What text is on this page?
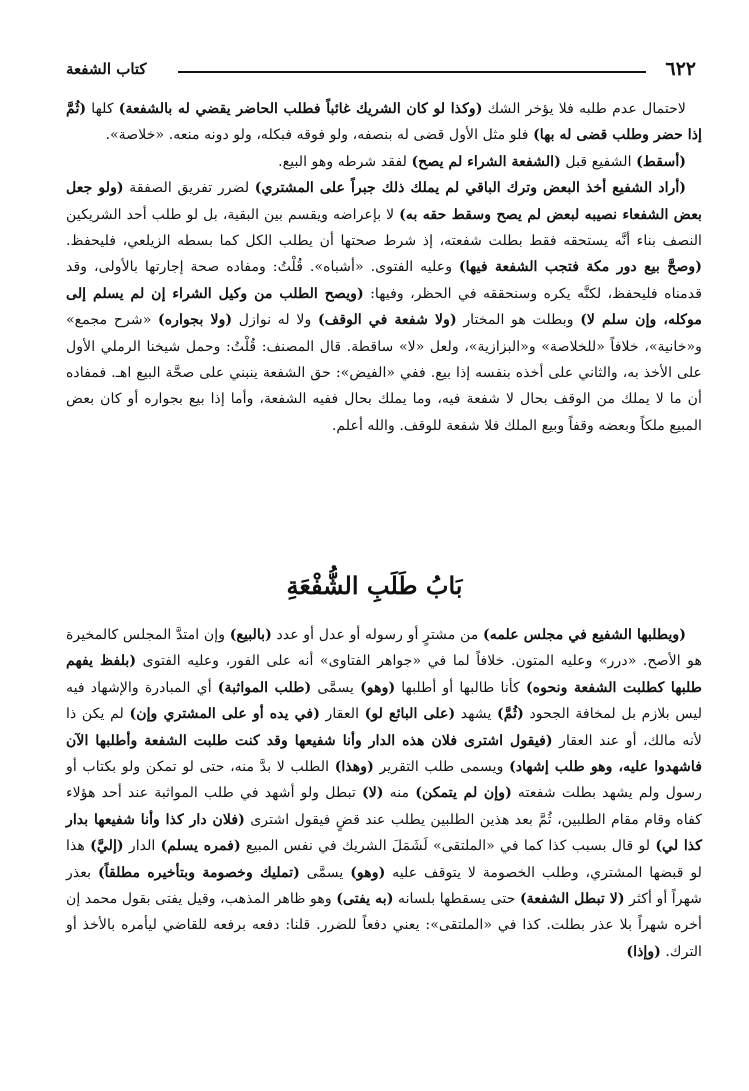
٦٢٢
كتاب الشفعة

لاحتمال عدم طلبه فلا يؤخر الشك (وكذا لو كان الشريك غائباً فطلب الحاضر يقضي له بالشفعة) كلها (ثُمَّ إذا حضر وطلب قضى له بها) فلو مثل الأول قضى له بنصفه، ولو فوقه فبكله، ولو دونه منعه. «خلاصة».

(أسقط) الشفيع قبل (الشفعة الشراء لم يصح) لفقد شرطه وهو البيع.

(أراد الشفيع أخذ البعض وترك الباقي لم يملك ذلك جبراً على المشتري) لضرر تفريق الصفقة (ولو جعل بعض الشفعاء نصيبه لبعض لم يصح وسقط حقه به) لا بإعراضه ويقسم بين البقية، بل لو طلب أحد الشريكين النصف بناء أنَّه يستحقه فقط بطلت شفعته، إذ شرط صحتها أن يطلب الكل كما بسطه الزيلعي، فليحفظ. (وصحَّ بيع دور مكة فتجب الشفعة فيها) وعليه الفتوى. «أشباه». قُلْتُ: ومفاده صحة إجارتها بالأولى، وقد قدمناه فليحفظ، لكنَّه يكره وسنحققه في الحظر، وفيها: (ويصح الطلب من وكيل الشراء إن لم يسلم إلى موكله، وإن سلم لا) وبطلت هو المختار (ولا شفعة في الوقف) ولا له نوازل (ولا بجواره) «شرح مجمع» و«خانية»، خلافاً «للخلاصة» و«البزازية»، ولعل «لا» ساقطة. قال المصنف: قُلْتُ: وحمل شيخنا الرملي الأول على الأخذ به، والثاني على أخذه بنفسه إذا بيع. ففي «الفيض»: حق الشفعة ينبني على صحَّة البيع اهـ. فمفاده أن ما لا يملك من الوقف بحال لا شفعة فيه، وما يملك بحال ففيه الشفعة، وأما إذا بيع بجواره أو كان بعض المبيع ملكاً وبعضه وقفاً وبيع الملك فلا شفعة للوقف. والله أعلم.

بَابُ طَلَبِ الشُّفْعَةِ

(ويطلبها الشفيع في مجلس علمه) من مشترٍ أو رسوله أو عدل أو عدد (بالبيع) وإن امتدَّ المجلس كالمخيرة هو الأصح. «درر» وعليه المتون. خلافاً لما في «جواهر الفتاوى» أنه على الفور، وعليه الفتوى (بلفظ يفهم طلبها كطلبت الشفعة ونحوه) كأنا طالبها أو أطلبها (وهو) يسمَّى (طلب المواثبة) أي المبادرة والإشهاد فيه ليس بلازم بل لمخافة الجحود (ثُمَّ) يشهد (على البائع لو) العقار (في يده أو على المشتري وإن) لم يكن ذا لأنه مالك، أو عند العقار (فيقول اشترى فلان هذه الدار وأنا شفيعها وقد كنت طلبت الشفعة وأطلبها الآن فاشهدوا عليه، وهو طلب إشهاد) ويسمى طلب التقرير (وهذا) الطلب لا بدَّ منه، حتى لو تمكن ولو بكتاب أو رسول ولم يشهد بطلت شفعته (وإن لم يتمكن) منه (لا) تبطل ولو أشهد في طلب المواثبة عند أحد هؤلاء كفاه وقام مقام الطلبين، ثُمَّ بعد هذين الطلبين يطلب عند قضٍ فيقول اشترى (فلان دار كذا وأنا شفيعها بدار كذا لي) لو قال بسبب كذا كما في «الملتقى» لَشَمَلَ الشريك في نفس المبيع (فمره يسلم) الدار (إليَّ) هذا لو قبضها المشتري، وطلب الخصومة لا يتوقف عليه (وهو) يسمَّى (تمليك وخصومة وبتأخيره مطلقاً) بعذر شهراً أو أكثر (لا تبطل الشفعة) حتى يسقطها بلسانه (به يفتى) وهو ظاهر المذهب، وقيل يفتى بقول محمد إن أخره شهراً بلا عذر بطلت. كذا في «الملتقى»: يعني دفعاً للضرر. قلنا: دفعه برفعه للقاضي ليأمره بالأخذ أو الترك. (وإذا)
